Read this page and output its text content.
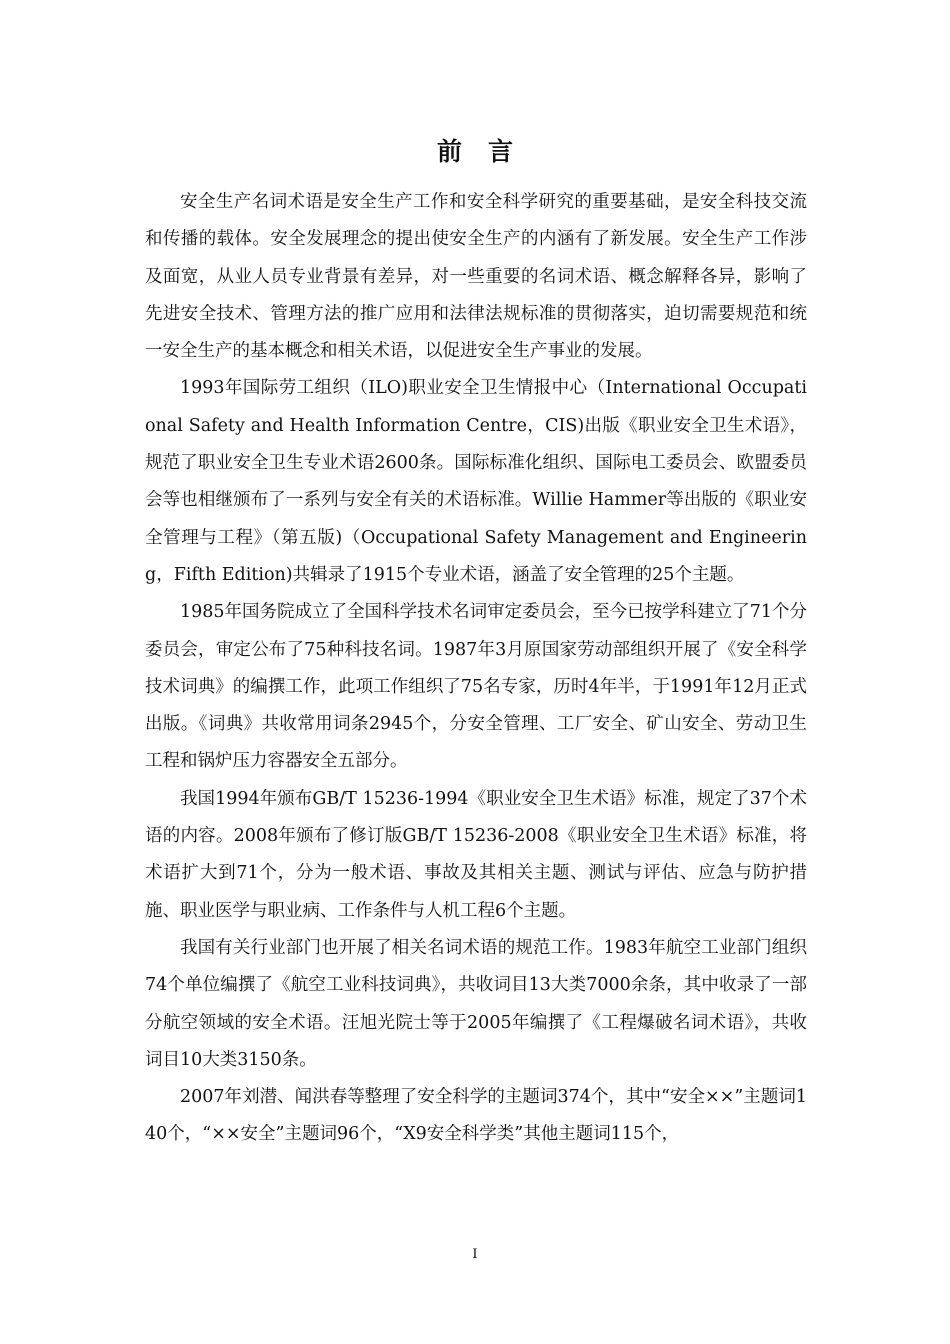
前言

安全生产名词术语是安全生产工作和安全科学研究的重要基础，是安全科技交流和传播的载体。安全发展理念的提出使安全生产的内涵有了新发展。安全生产工作涉及面宽，从业人员专业背景有差异，对一些重要的名词术语、概念解释各异，影响了先进安全技术、管理方法的推广应用和法律法规标准的贯彻落实，迫切需要规范和统一安全生产的基本概念和相关术语，以促进安全生产事业的发展。

1993年国际劳工组织（ILO)职业安全卫生情报中心（International Occupational Safety and Health Information Centre，CIS)出版《职业安全卫生术语》，规范了职业安全卫生专业术语2600条。国际标准化组织、国际电工委员会、欧盟委员会等也相继颁布了一系列与安全有关的术语标准。Willie Hammer等出版的《职业安全管理与工程》（第五版)（Occupational Safety Management and Engineering，Fifth Edition)共辑录了1915个专业术语，涵盖了安全管理的25个主题。

1985年国务院成立了全国科学技术名词审定委员会，至今已按学科建立了71个分委员会，审定公布了75种科技名词。1987年3月原国家劳动部组织开展了《安全科学技术词典》的编撰工作，此项工作组织了75名专家，历时4年半，于1991年12月正式出版。《词典》共收常用词条2945个，分安全管理、工厂安全、矿山安全、劳动卫生工程和锅炉压力容器安全五部分。

我国1994年颁布GB/T 15236-1994《职业安全卫生术语》标准，规定了37个术语的内容。2008年颁布了修订版GB/T 15236-2008《职业安全卫生术语》标准，将术语扩大到71个，分为一般术语、事故及其相关主题、测试与评估、应急与防护措施、职业医学与职业病、工作条件与人机工程6个主题。

我国有关行业部门也开展了相关名词术语的规范工作。1983年航空工业部门组织74个单位编撰了《航空工业科技词典》，共收词目13大类7000余条，其中收录了一部分航空领域的安全术语。汪旭光院士等于2005年编撰了《工程爆破名词术语》，共收词目10大类3150条。

2007年刘潜、闻洪春等整理了安全科学的主题词374个，其中“安全××”主题词140个，“××安全”主题词96个，“X9安全科学类”其他主题词115个，

I
